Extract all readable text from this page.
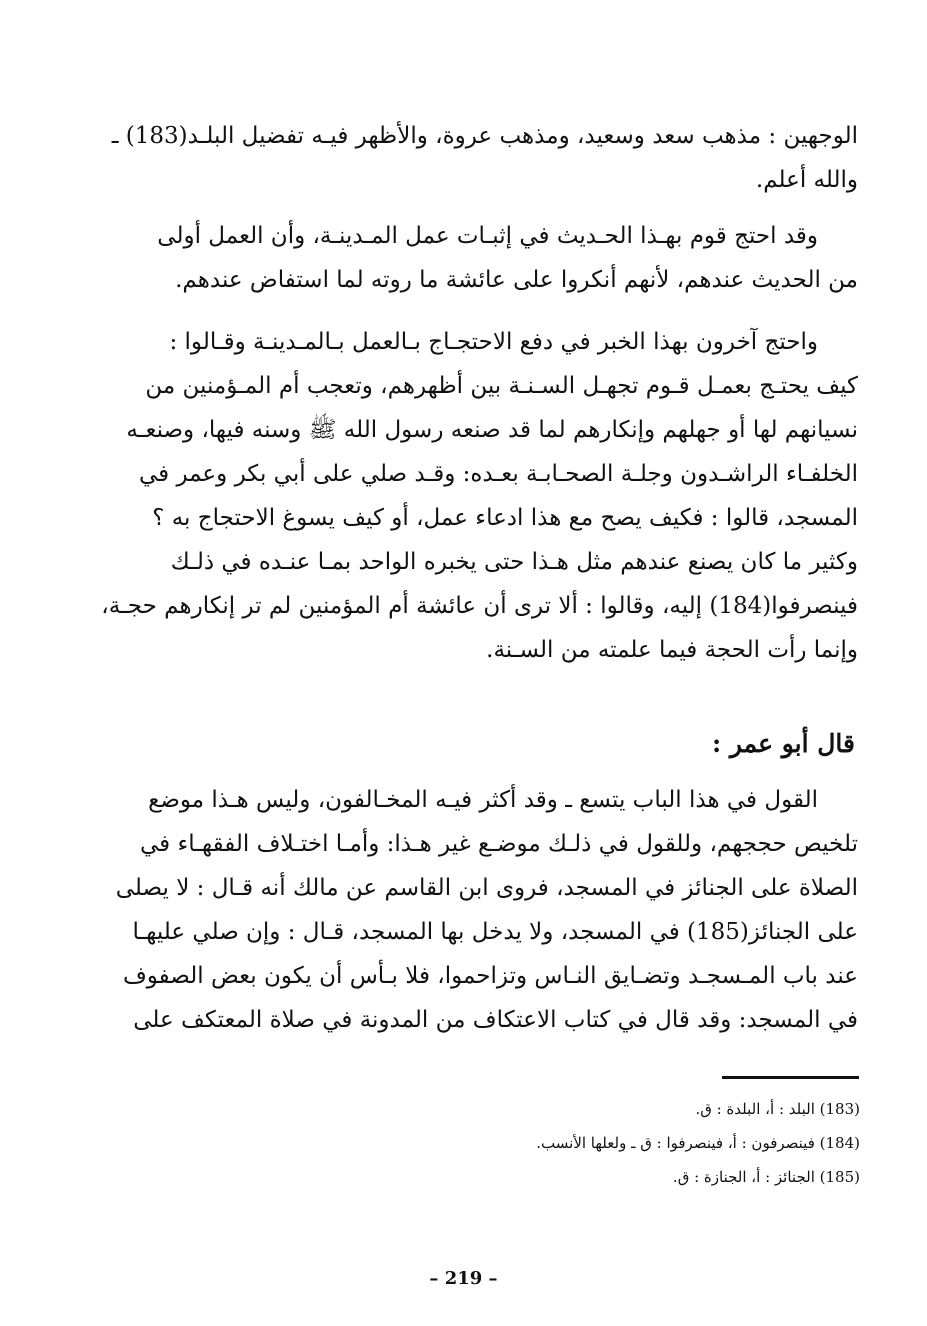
الوجهين : مذهب سعد وسعيد، ومذهب عروة، والأظهر فيـه تفضيل البلـد(183) ـ
والله أعلم.
وقد احتج قوم بهـذا الحـديث في إثبـات عمل المـدينـة، وأن العمل أولى
من الحديث عندهم، لأنهم أنكروا على عائشة ما روته لما استفاض عندهم.
واحتج آخرون بهذا الخبر في دفع الاحتجـاج بـالعمل بـالمـدينـة وقـالوا :
كيف يحتـج بعمـل قـوم تجهـل السـنـة بين أظهرهم، وتعجب أم المـؤمنين من
نسيانهم لها أو جهلهم وإنكارهم لما قد صنعه رسول الله ﷺ وسنه فيها، وصنعـه
الخلفـاء الراشـدون وجلـة الصحـابـة بعـده: وقـد صلي على أبي بكر وعمر في
المسجد، قالوا : فكيف يصح مع هذا ادعاء عمل، أو كيف يسوغ الاحتجاج به ؟
وكثير ما كان يصنع عندهم مثل هـذا حتى يخبره الواحد بمـا عنـده في ذلـك
فينصرفوا(184) إليه، وقالوا : ألا ترى أن عائشة أم المؤمنين لم تر إنكارهم حجـة،
وإنما رأت الحجة فيما علمته من السـنة.
قال أبو عمر :
القول في هذا الباب يتسع ـ وقد أكثر فيـه المخـالفون، وليس هـذا موضع
تلخيص حججهم، وللقول في ذلـك موضـع غير هـذا: وأمـا اختـلاف الفقهـاء في
الصلاة على الجنائز في المسجد، فروى ابن القاسم عن مالك أنه قـال : لا يصلى
على الجنائز(185) في المسجد، ولا يدخل بها المسجد، قـال : وإن صلي عليهـا
عند باب المـسجـد وتضـايق النـاس وتزاحموا، فلا بـأس أن يكون بعض الصفوف
في المسجد: وقد قال في كتاب الاعتكاف من المدونة في صلاة المعتكف على
(183) البلد : أ، البلدة : ق.
(184) فينصرفون : أ، فينصرفوا : ق ـ ولعلها الأنسب.
(185) الجنائز : أ، الجنازة : ق.
– 219 –
